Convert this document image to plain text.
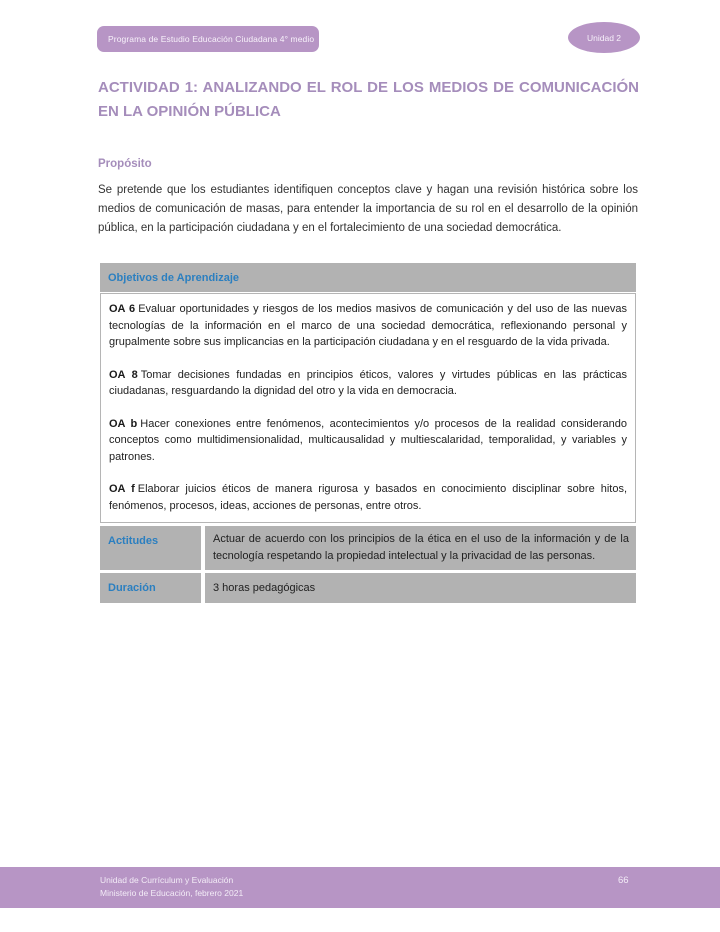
Programa de Estudio Educación Ciudadana 4° medio	Unidad 2
ACTIVIDAD 1: ANALIZANDO EL ROL DE LOS MEDIOS DE COMUNICACIÓN EN LA OPINIÓN PÚBLICA
Propósito
Se pretende que los estudiantes identifiquen conceptos clave y hagan una revisión histórica sobre los medios de comunicación de masas, para entender la importancia de su rol en el desarrollo de la opinión pública, en la participación ciudadana y en el fortalecimiento de una sociedad democrática.
Objetivos de Aprendizaje

OA 6 Evaluar oportunidades y riesgos de los medios masivos de comunicación y del uso de las nuevas tecnologías de la información en el marco de una sociedad democrática, reflexionando personal y grupalmente sobre sus implicancias en la participación ciudadana y en el resguardo de la vida privada.

OA 8 Tomar decisiones fundadas en principios éticos, valores y virtudes públicas en las prácticas ciudadanas, resguardando la dignidad del otro y la vida en democracia.

OA b Hacer conexiones entre fenómenos, acontecimientos y/o procesos de la realidad considerando conceptos como multidimensionalidad, multicausalidad y multiescalaridad, temporalidad, y variables y patrones.

OA f Elaborar juicios éticos de manera rigurosa y basados en conocimiento disciplinar sobre hitos, fenómenos, procesos, ideas, acciones de personas, entre otros.

Actitudes	Actuar de acuerdo con los principios de la ética en el uso de la información y de la tecnología respetando la propiedad intelectual y la privacidad de las personas.
Duración	3 horas pedagógicas
Unidad de Currículum y Evaluación
Ministerio de Educación, febrero 2021
66
